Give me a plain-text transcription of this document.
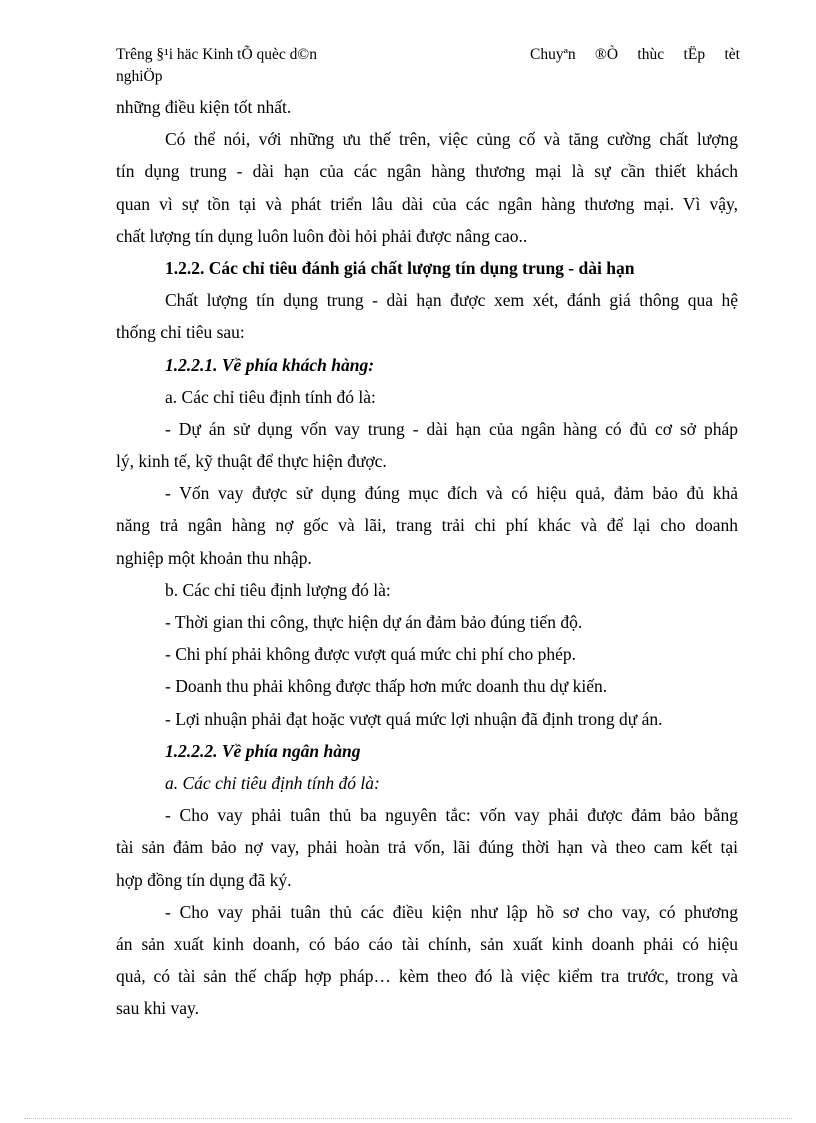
Trêng §¹i häc Kinh tÕ quèc d©n
nghiÖp
Chuyªn ®Ò thùc tËp tèt
những điều kiện tốt nhất.
Có thể nói, với những ưu thế trên, việc củng cố và tăng cường chất lượng
tín dụng trung - dài hạn của các ngân hàng thương mại là sự cần thiết khách
quan vì sự tồn tại và phát triển lâu dài của các ngân hàng thương mại. Vì vậy,
chất lượng tín dụng luôn luôn đòi hỏi phải được nâng cao..
1.2.2. Các chỉ tiêu đánh giá chất lượng tín dụng trung - dài hạn
Chất lượng tín dụng trung - dài hạn được xem xét, đánh giá thông qua hệ
thống chỉ tiêu sau:
1.2.2.1. Về phía khách hàng:
a. Các chỉ tiêu định tính đó là:
- Dự án sử dụng vốn vay trung - dài hạn của ngân hàng có đủ cơ sở pháp
lý, kinh tế, kỹ thuật để thực hiện được.
- Vốn vay được sử dụng đúng mục đích và có hiệu quả, đảm bảo đủ khả
năng trả ngân hàng nợ gốc và lãi, trang trải chi phí khác và để lại cho doanh
nghiệp một khoản thu nhập.
b. Các chỉ tiêu định lượng đó là:
- Thời gian thi công, thực hiện dự án đảm bảo đúng tiến độ.
- Chi phí phải không được vượt quá mức chi phí cho phép.
- Doanh thu phải không được thấp hơn mức doanh thu dự kiến.
- Lợi nhuận phải đạt hoặc vượt quá mức lợi nhuận đã định trong dự án.
1.2.2.2. Về phía ngân hàng
a. Các chỉ tiêu định tính đó là:
- Cho vay phải tuân thủ ba nguyên tắc: vốn vay phải được đảm bảo bằng
tài sản đảm bảo nợ vay, phải hoàn trả vốn, lãi đúng thời hạn và theo cam kết tại
hợp đồng tín dụng đã ký.
- Cho vay phải tuân thủ các điều kiện như lập hồ sơ cho vay, có phương
án sản xuất kinh doanh, có báo cáo tài chính, sản xuất kinh doanh phải có hiệu
quả, có tài sản thế chấp hợp pháp… kèm theo đó là việc kiểm tra trước, trong và
sau khi vay.
